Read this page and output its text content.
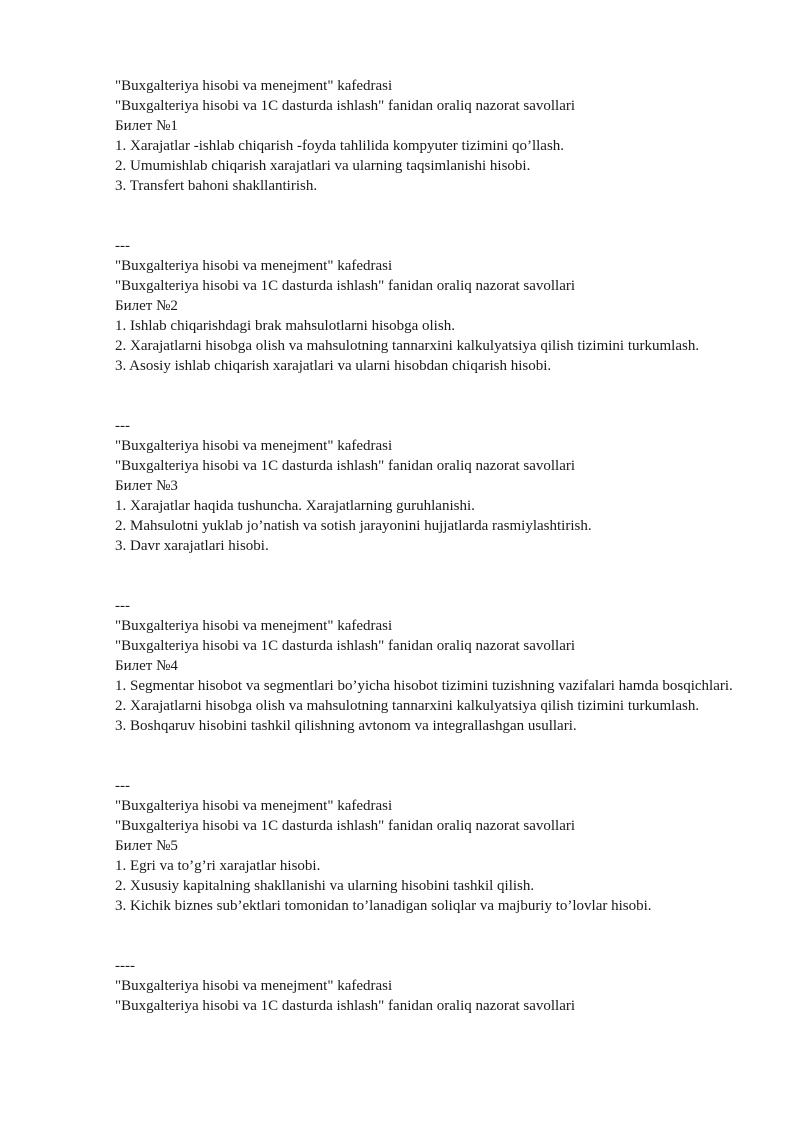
"Buxgalteriya hisobi va menejment" kafedrasi
"Buxgalteriya hisobi va 1C dasturda ishlash" fanidan oraliq nazorat savollari
Билет №1
1. Xarajatlar -ishlab chiqarish -foyda tahlilida kompyuter tizimini qo’llash.
2. Umumishlab chiqarish xarajatlari va ularning taqsimlanishi hisobi.
3. Transfert bahoni shakllantirish.
---
"Buxgalteriya hisobi va menejment" kafedrasi
"Buxgalteriya hisobi va 1C dasturda ishlash" fanidan oraliq nazorat savollari
Билет №2
1. Ishlab chiqarishdagi brak mahsulotlarni hisobga olish.
2. Xarajatlarni hisobga olish va mahsulotning tannarxini kalkulyatsiya qilish tizimini turkumlash.
3. Asosiy ishlab chiqarish xarajatlari va ularni hisobdan chiqarish hisobi.
---
"Buxgalteriya hisobi va menejment" kafedrasi
"Buxgalteriya hisobi va 1C dasturda ishlash" fanidan oraliq nazorat savollari
Билет №3
1. Xarajatlar haqida tushuncha. Xarajatlarning guruhlanishi.
2. Mahsulotni yuklab jo’natish va sotish jarayonini hujjatlarda rasmiylashtirish.
3. Davr xarajatlari hisobi.
---
"Buxgalteriya hisobi va menejment" kafedrasi
"Buxgalteriya hisobi va 1C dasturda ishlash" fanidan oraliq nazorat savollari
Билет №4
1. Segmentar hisobot va segmentlari bo’yicha hisobot tizimini tuzishning vazifalari hamda bosqichlari.
2. Xarajatlarni hisobga olish va mahsulotning tannarxini kalkulyatsiya qilish tizimini turkumlash.
3. Boshqaruv hisobini tashkil qilishning avtonom va integrallashgan usullari.
---
"Buxgalteriya hisobi va menejment" kafedrasi
"Buxgalteriya hisobi va 1C dasturda ishlash" fanidan oraliq nazorat savollari
Билет №5
1. Egri va to’g’ri xarajatlar hisobi.
2. Xususiy kapitalning shakllanishi va ularning hisobini tashkil qilish.
3. Kichik biznes sub’ektlari tomonidan to’lanadigan soliqlar va majburiy to’lovlar hisobi.
----
"Buxgalteriya hisobi va menejment" kafedrasi
"Buxgalteriya hisobi va 1C dasturda ishlash" fanidan oraliq nazorat savollari
